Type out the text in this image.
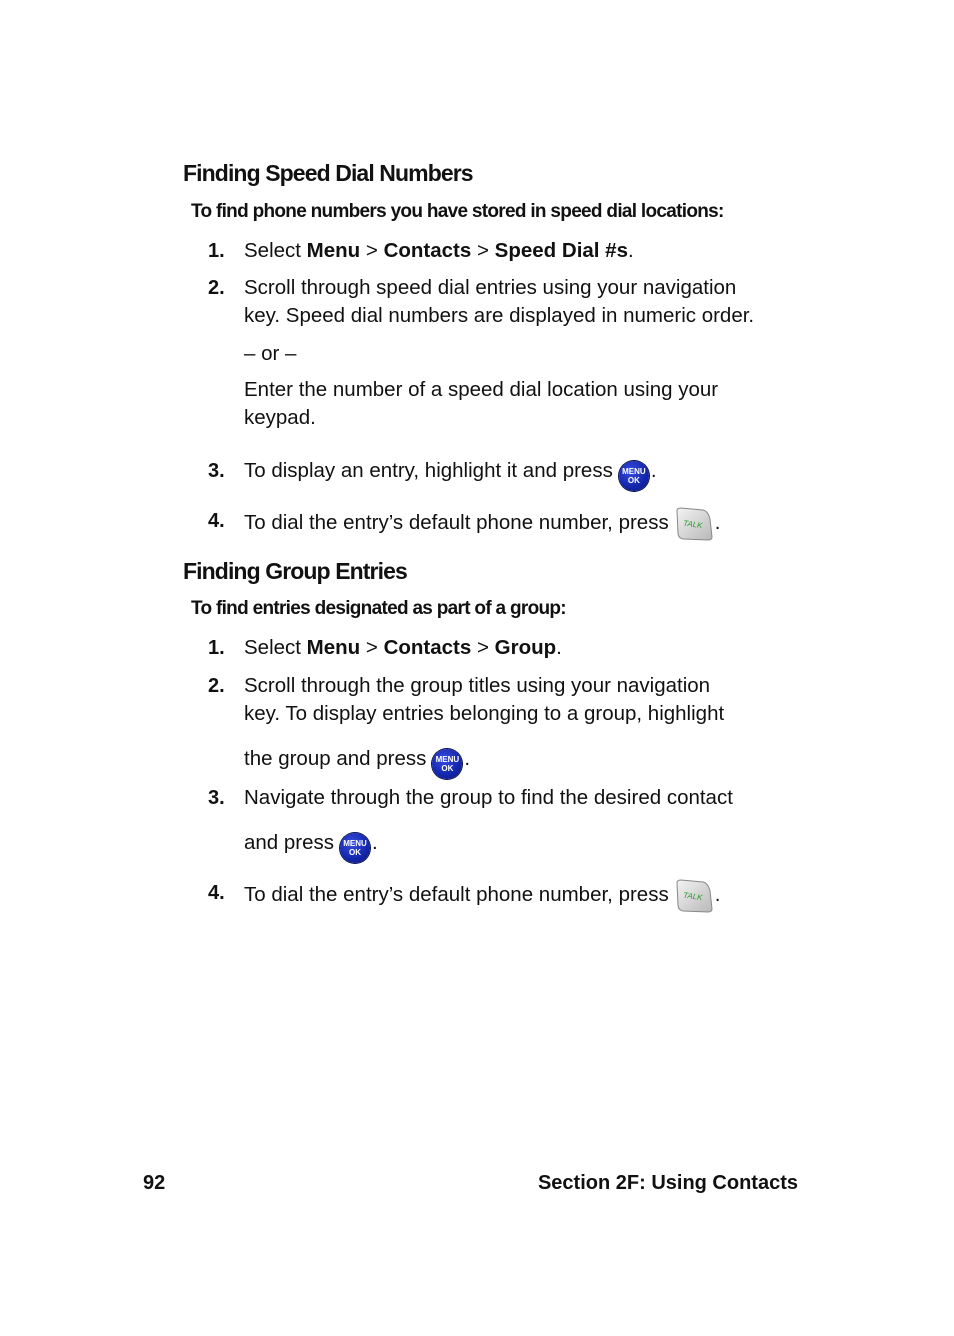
Finding Speed Dial Numbers
To find phone numbers you have stored in speed dial locations:
1. Select Menu > Contacts > Speed Dial #s.
2. Scroll through speed dial entries using your navigation
key. Speed dial numbers are displayed in numeric order.
– or –
Enter the number of a speed dial location using your
keypad.
3. To display an entry, highlight it and press MENU
OK .
4. To dial the entry’s default phone number, press TALK .
Finding Group Entries
To find entries designated as part of a group:
1. Select Menu > Contacts > Group.
2. Scroll through the group titles using your navigation
key. To display entries belonging to a group, highlight
the group and press MENU
OK .
3. Navigate through the group to find the desired contact
and press MENU
OK .
4. To dial the entry’s default phone number, press TALK .
92	Section 2F: Using Contacts
